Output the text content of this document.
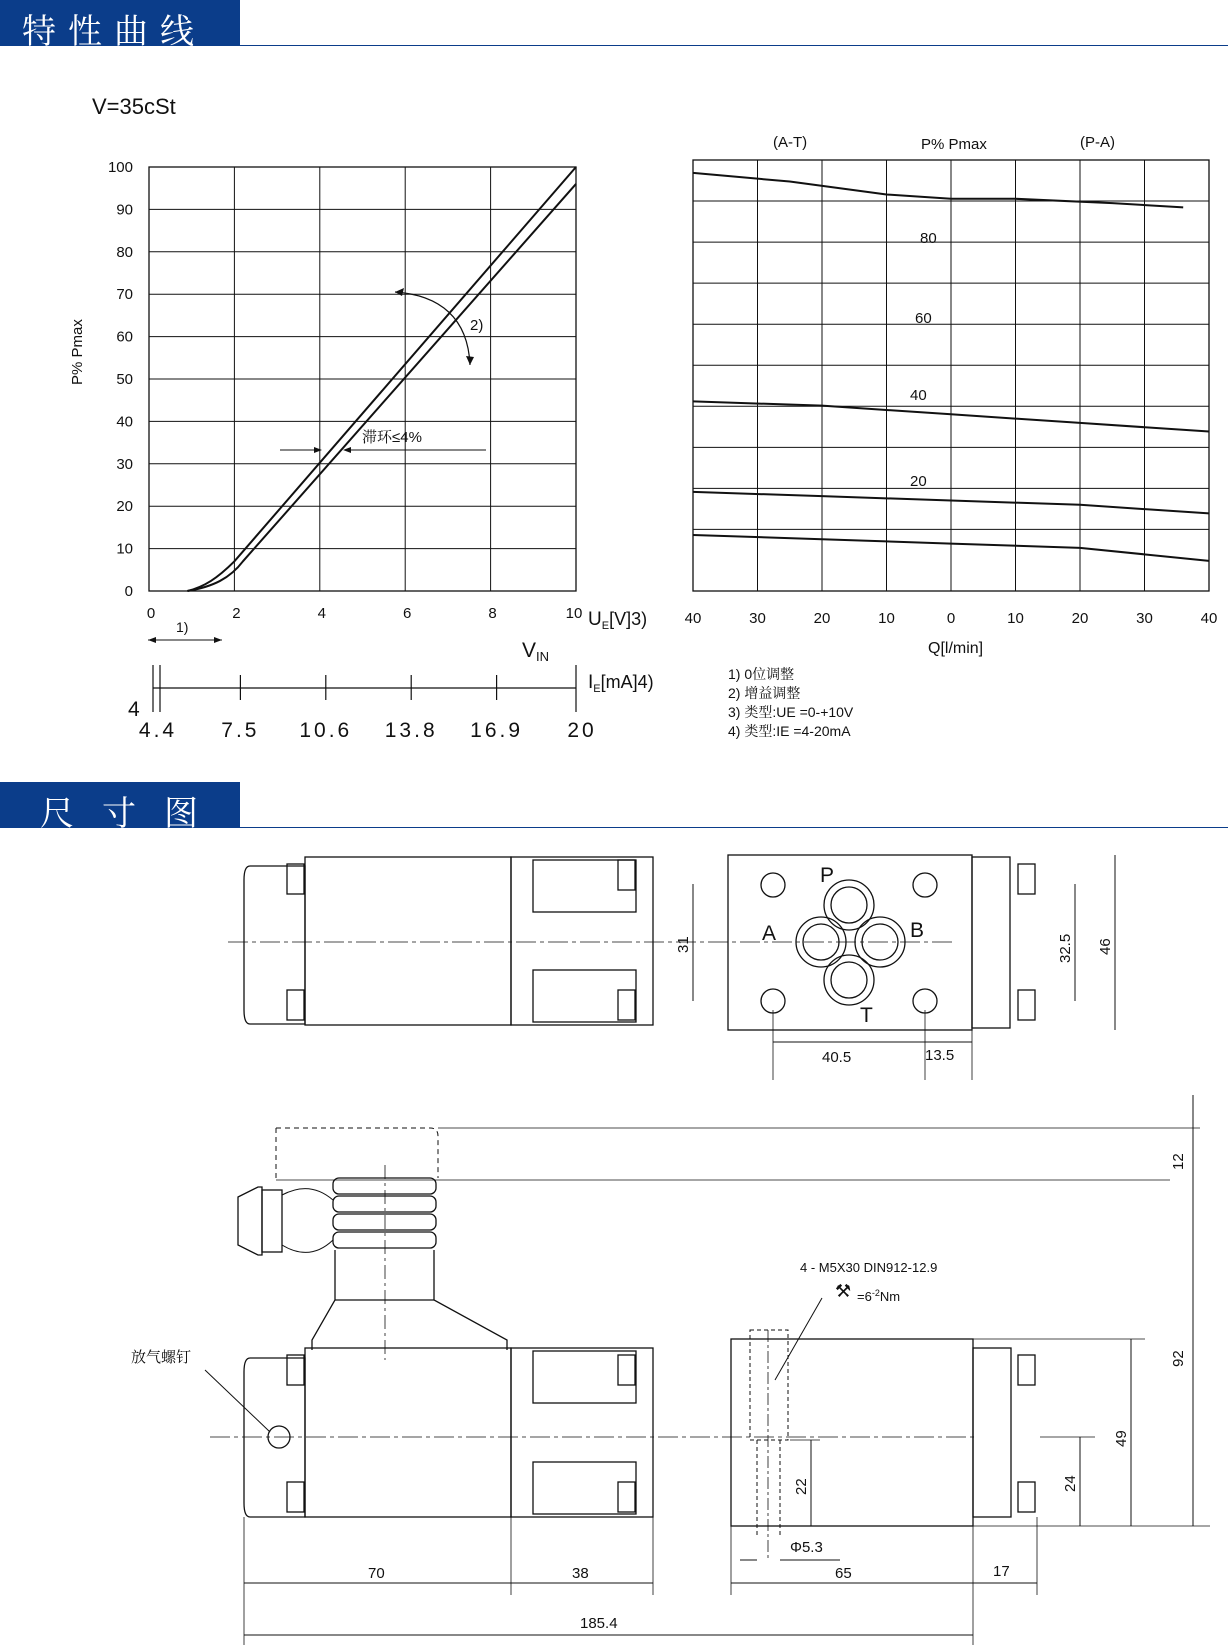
特性曲线
尺寸图
V=35cSt
P% Pmax
0
10
20
30
40
50
60
70
80
90
100
0	2	4	6	8	10
2)
滞环≤4%
$U_E[V]3$)
1)
VIN
4.4 7.5 10.6 13.8 16.9 20
4
$I_E[mA]4$)
(A-T)	P% Pmax	(P-A)
40	30	20	10	0	10	20	30	40
80
60
40
20
Q[l/min]
1) 0位调整
2) 增益调整
3) 类型:UE =0-+10V
4) 类型:IE =4-20mA
P
A	B
T
31	32.5 46
40.5	13.5
放气螺钉
4 - M5X30 DIN912-12.9
$=6^{-2}Nm$
⚒
12
92
49
24
22
Φ5.3
70	38	65	17
185.4
